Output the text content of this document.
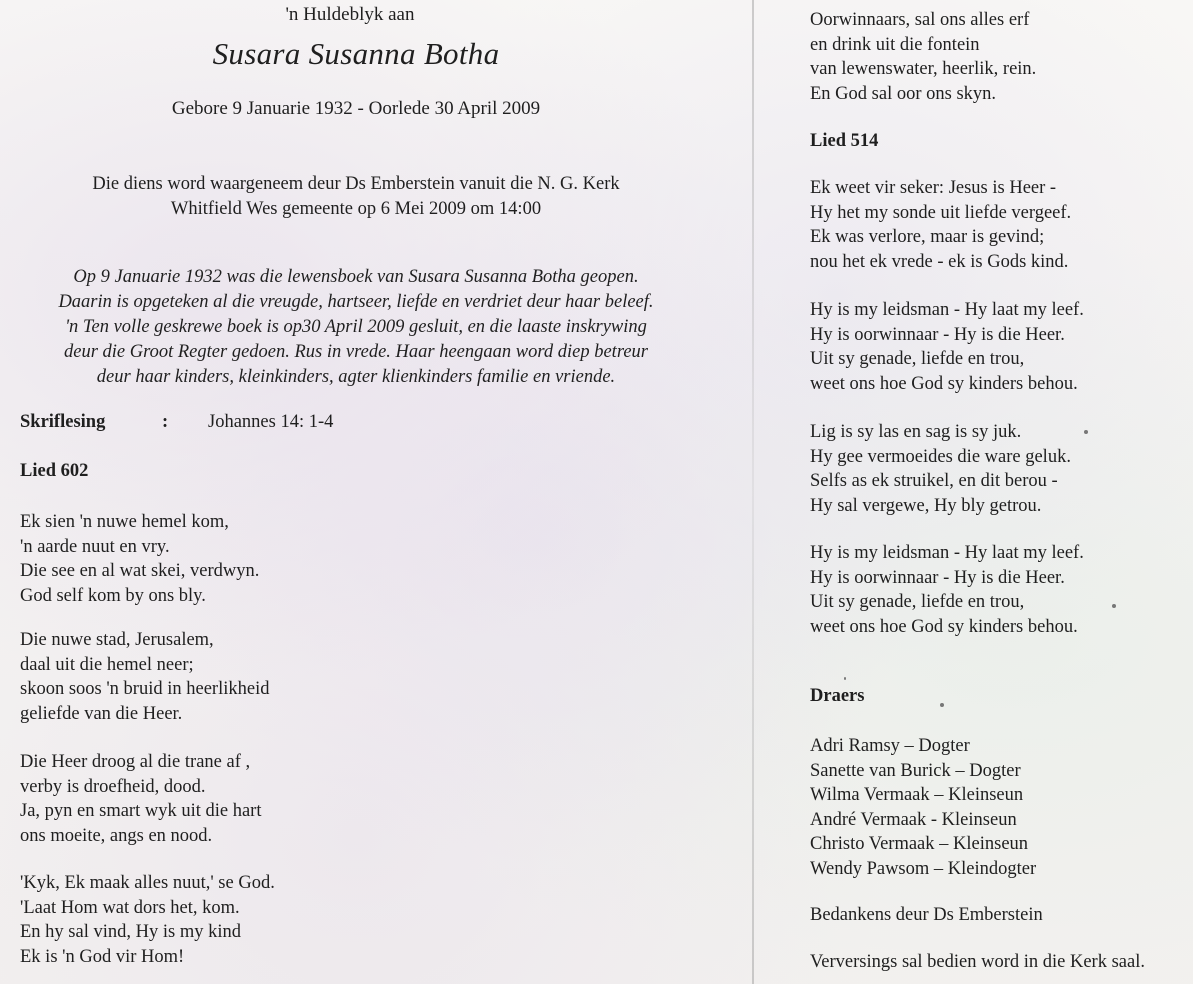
'n Huldeblyk aan
Susara Susanna Botha
Gebore 9 Januarie 1932 - Oorlede 30 April 2009
Die diens word waargeneem deur Ds Emberstein vanuit die N. G. Kerk
Whitfield Wes gemeente op 6 Mei 2009 om 14:00
Op 9 Januarie 1932 was die lewensboek van Susara Susanna Botha geopen.
Daarin is opgeteken al die vreugde, hartseer, liefde en verdriet deur haar beleef.
'n Ten volle geskrewe boek is op30 April 2009 gesluit, en die laaste inskrywing
deur die Groot Regter gedoen. Rus in vrede. Haar heengaan word diep betreur
deur haar kinders, kleinkinders, agter klienkinders familie en vriende.
Skriflesing	: Johannes 14: 1-4
Lied 602
Ek sien 'n nuwe hemel kom,
'n aarde nuut en vry.
Die see en al wat skei, verdwyn.
God self kom by ons bly.
Die nuwe stad, Jerusalem,
daal uit die hemel neer;
skoon soos 'n bruid in heerlikheid
geliefde van die Heer.
Die Heer droog al die trane af ,
verby is droefheid, dood.
Ja, pyn en smart wyk uit die hart
ons moeite, angs en nood.
'Kyk, Ek maak alles nuut,' se God.
'Laat Hom wat dors het, kom.
En hy sal vind, Hy is my kind
Ek is 'n God vir Hom!
Oorwinnaars, sal ons alles erf
en drink uit die fontein
van lewenswater, heerlik, rein.
En God sal oor ons skyn.
Lied 514
Ek weet vir seker: Jesus is Heer -
Hy het my sonde uit liefde vergeef.
Ek was verlore, maar is gevind;
nou het ek vrede - ek is Gods kind.
Hy is my leidsman - Hy laat my leef.
Hy is oorwinnaar - Hy is die Heer.
Uit sy genade, liefde en trou,
weet ons hoe God sy kinders behou.
Lig is sy las en sag is sy juk.
Hy gee vermoeides die ware geluk.
Selfs as ek struikel, en dit berou -
Hy sal vergewe, Hy bly getrou.
Hy is my leidsman - Hy laat my leef.
Hy is oorwinnaar - Hy is die Heer.
Uit sy genade, liefde en trou,
weet ons hoe God sy kinders behou.
Draers
Adri Ramsy – Dogter
Sanette van Burick – Dogter
Wilma Vermaak – Kleinseun
André Vermaak - Kleinseun
Christo Vermaak – Kleinseun
Wendy Pawsom – Kleindogter
Bedankens deur Ds Emberstein
Verversings sal bedien word in die Kerk saal.
